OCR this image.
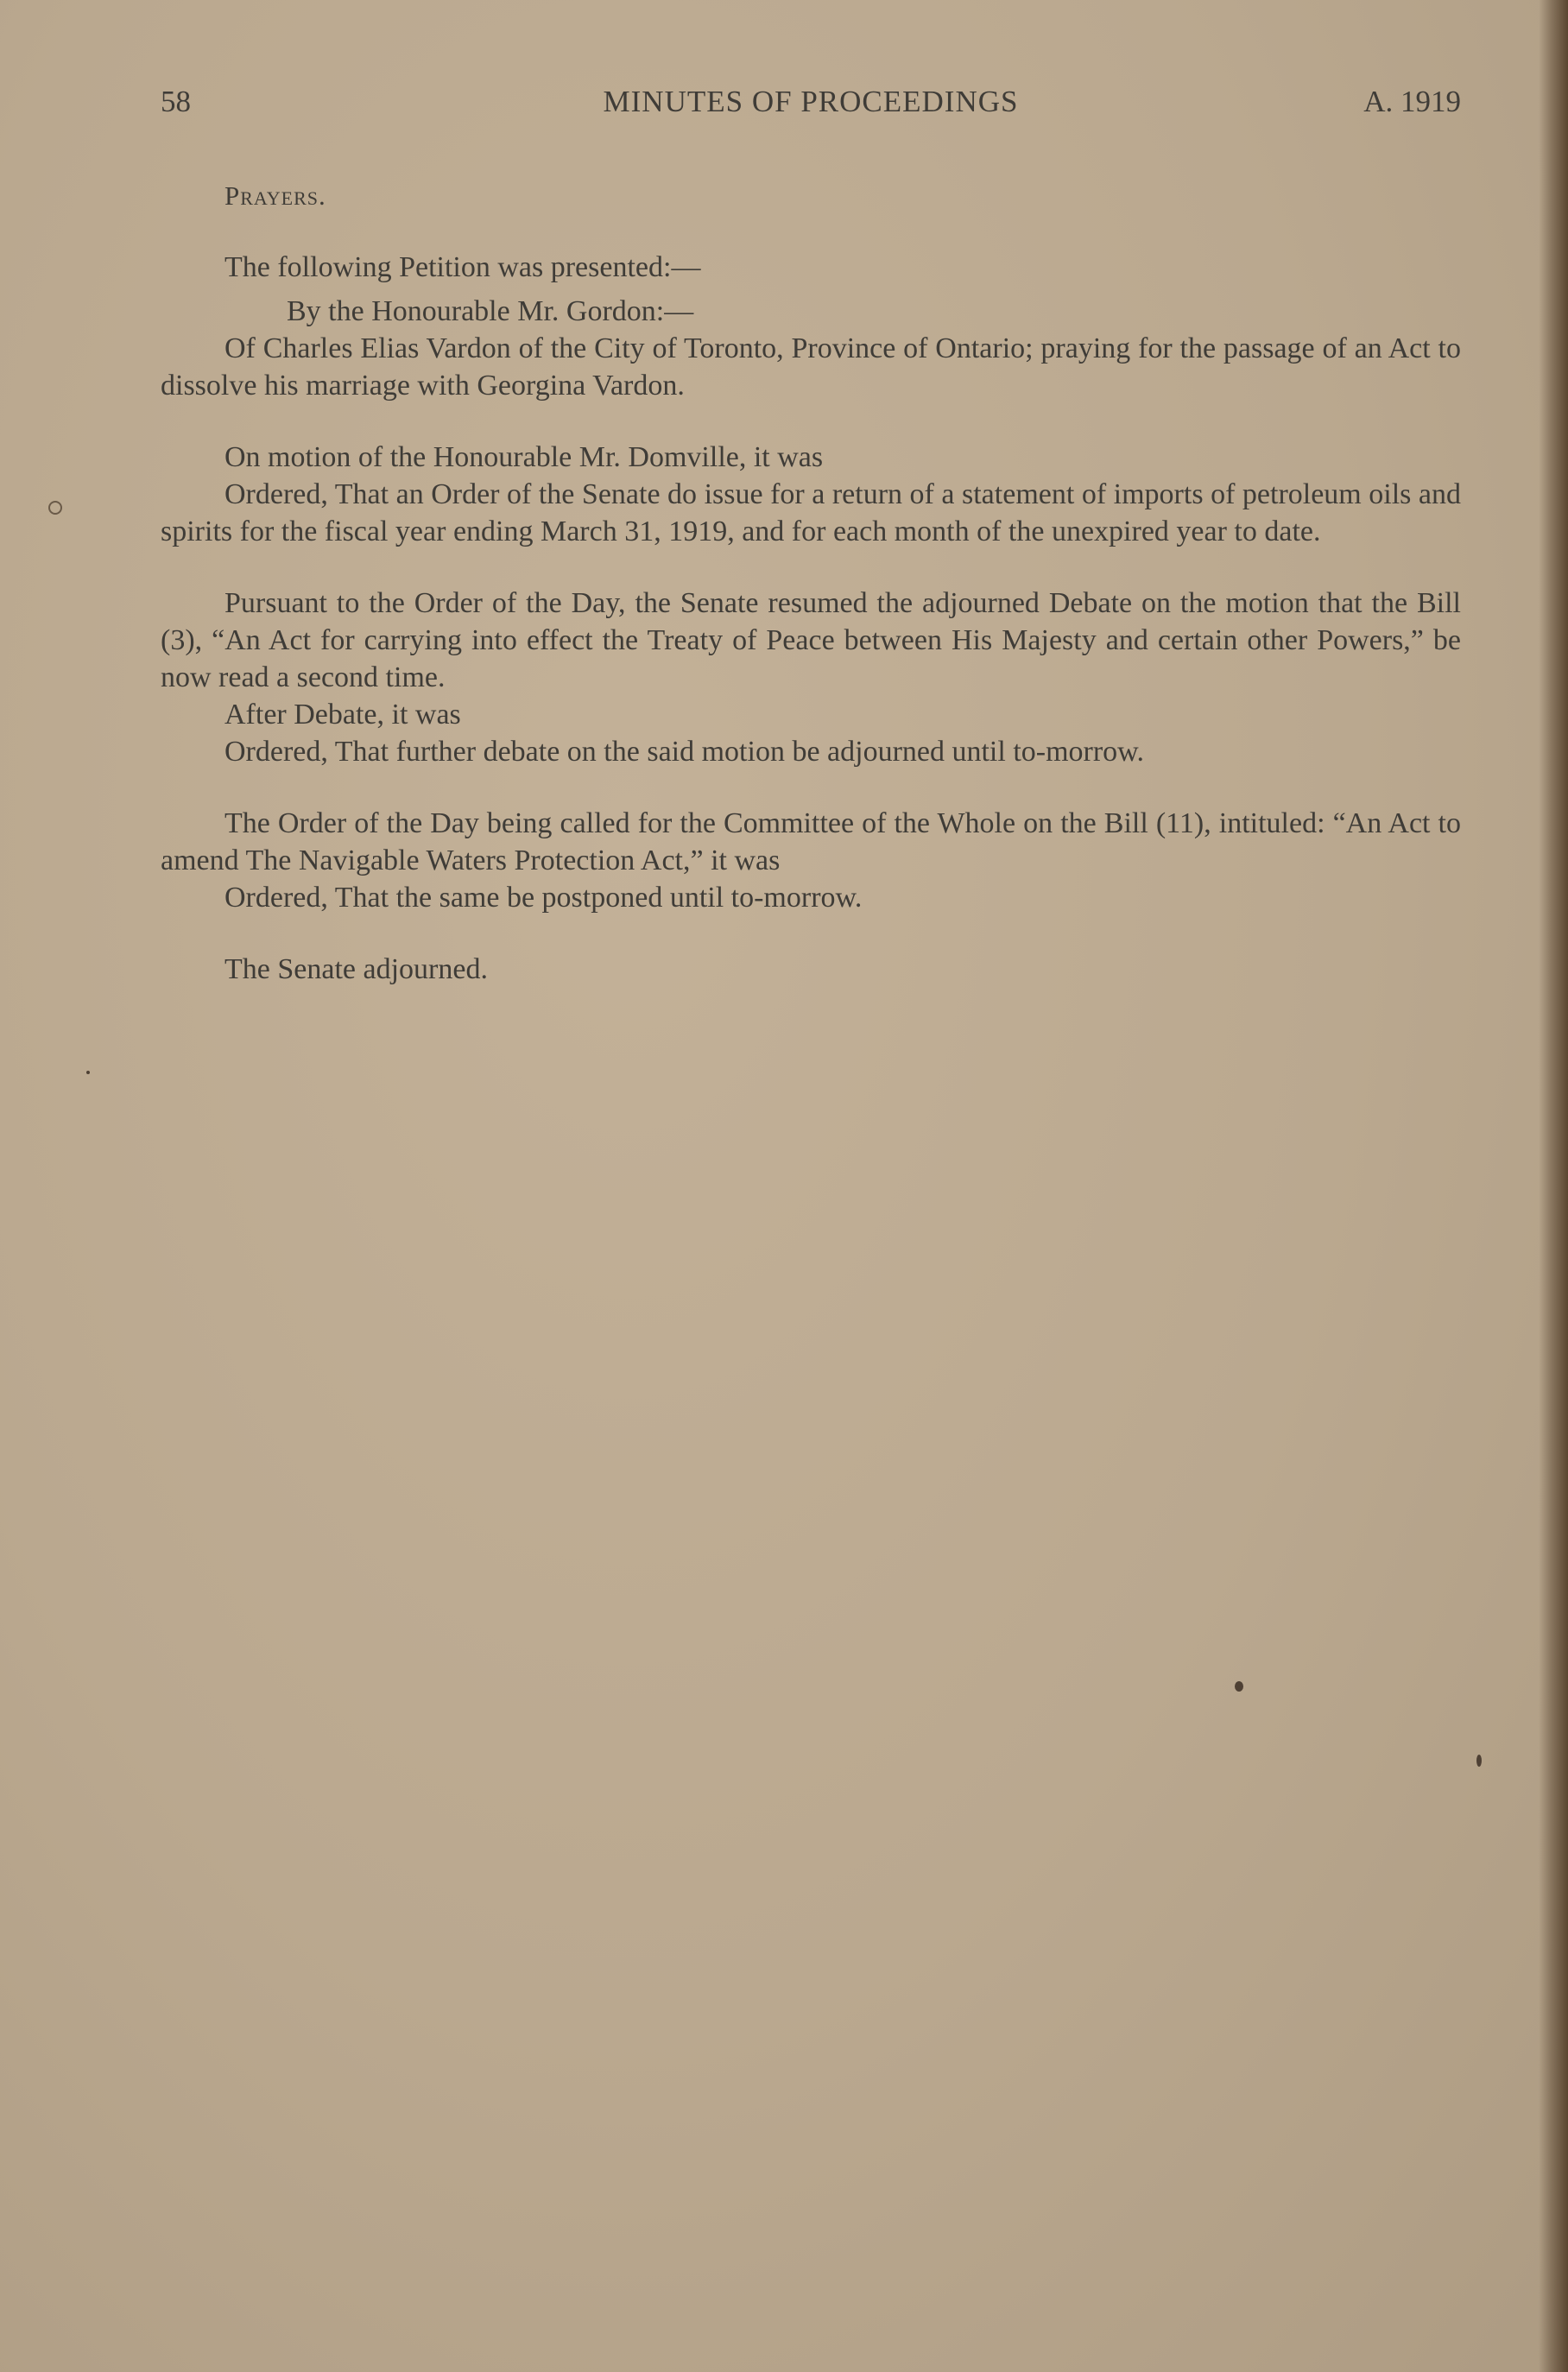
58	MINUTES OF PROCEEDINGS	A. 1919

Prayers.

The following Petition was presented:—

By the Honourable Mr. Gordon:—

Of Charles Elias Vardon of the City of Toronto, Province of Ontario; praying for the passage of an Act to dissolve his marriage with Georgina Vardon.

On motion of the Honourable Mr. Domville, it was

Ordered, That an Order of the Senate do issue for a return of a statement of imports of petroleum oils and spirits for the fiscal year ending March 31, 1919, and for each month of the unexpired year to date.

Pursuant to the Order of the Day, the Senate resumed the adjourned Debate on the motion that the Bill (3), “An Act for carrying into effect the Treaty of Peace between His Majesty and certain other Powers,” be now read a second time.

After Debate, it was

Ordered, That further debate on the said motion be adjourned until to-morrow.

The Order of the Day being called for the Committee of the Whole on the Bill (11), intituled: “An Act to amend The Navigable Waters Protection Act,” it was

Ordered, That the same be postponed until to-morrow.

The Senate adjourned.
